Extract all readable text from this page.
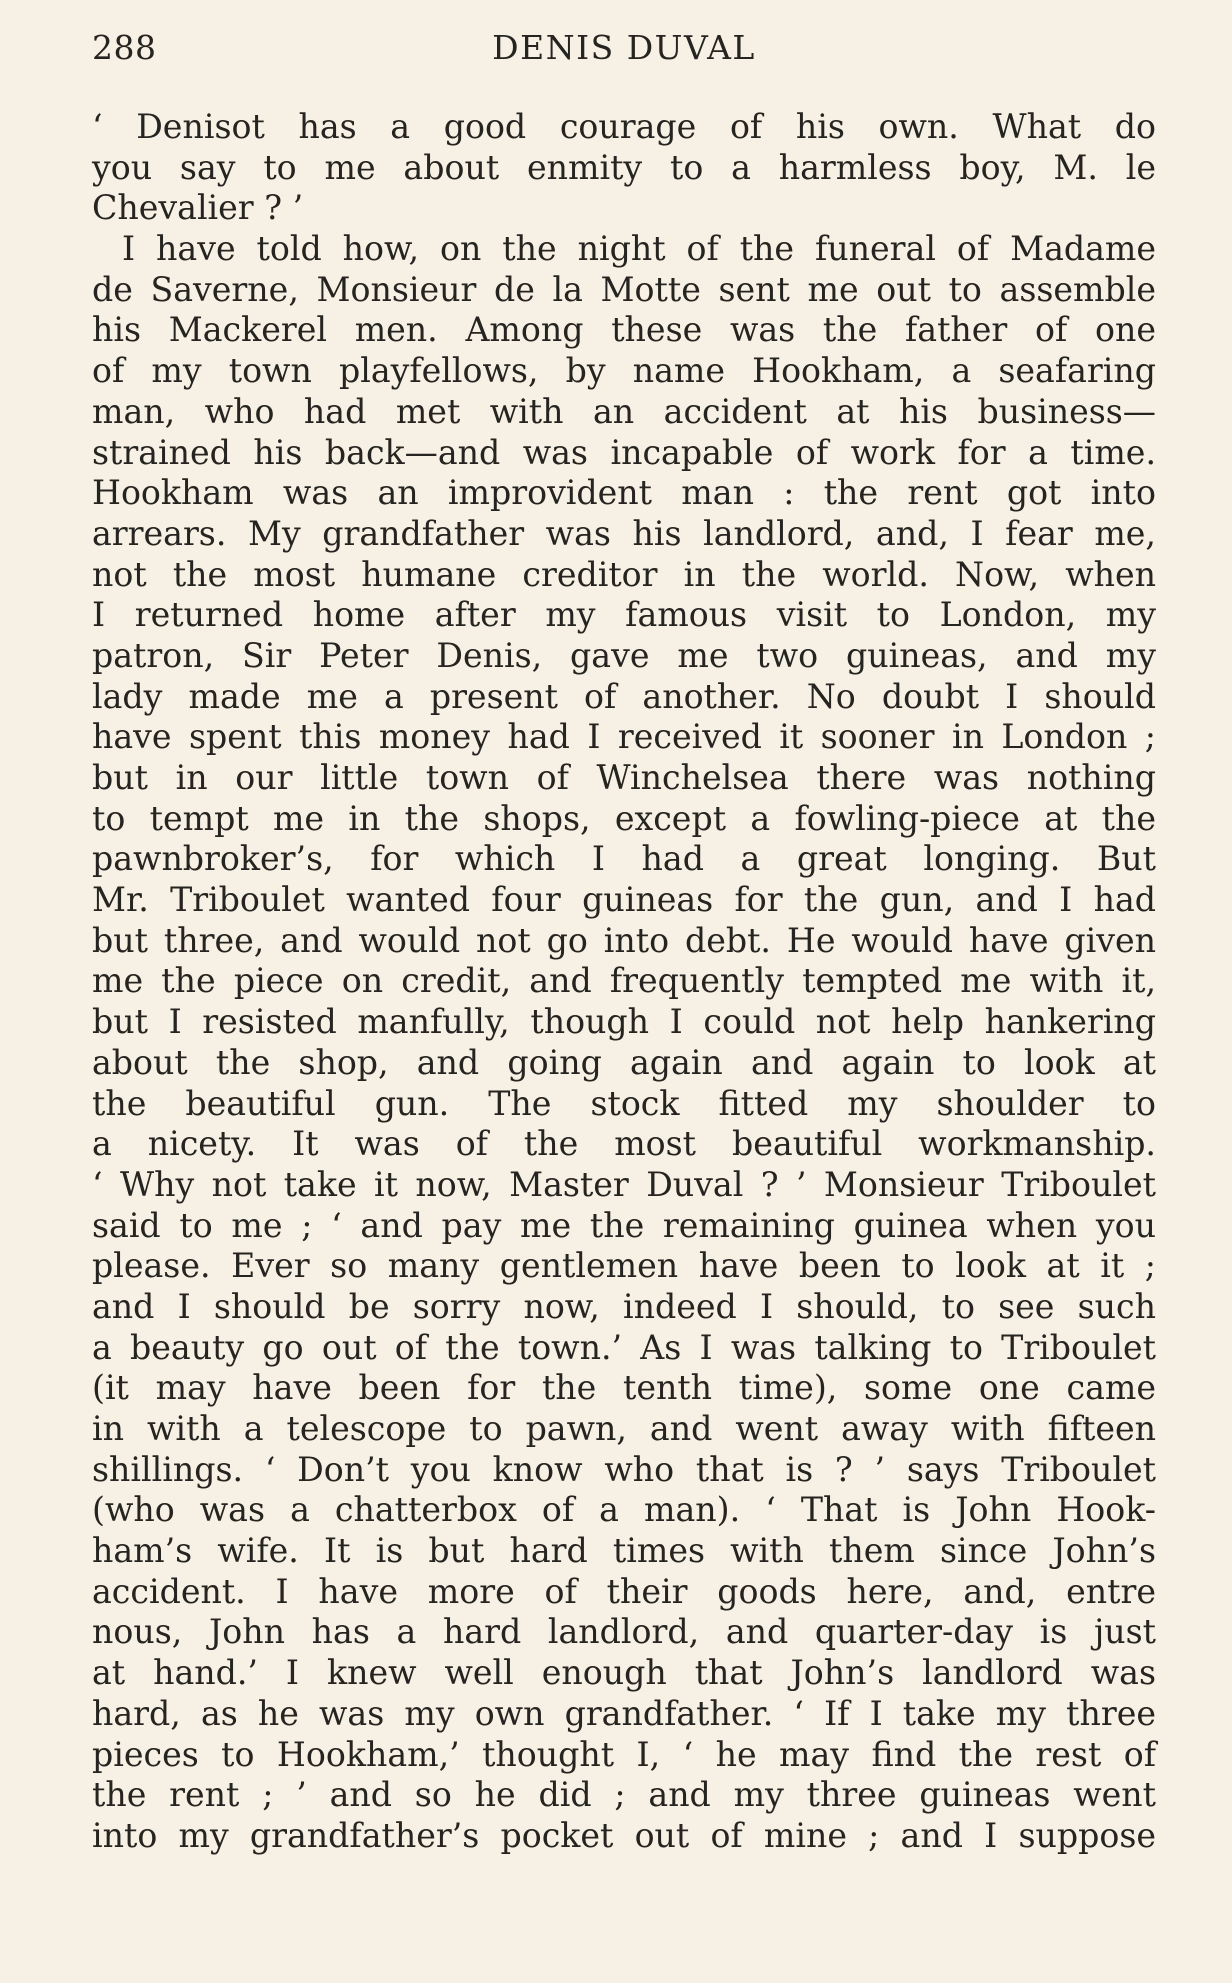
288	DENIS DUVAL
‘ Denisot has a good courage of his own. What do
you say to me about enmity to a harmless boy, M. le
Chevalier ? ’
I have told how, on the night of the funeral of Madame
de Saverne, Monsieur de la Motte sent me out to assemble
his Mackerel men. Among these was the father of one
of my town playfellows, by name Hookham, a seafaring
man, who had met with an accident at his business—
strained his back—and was incapable of work for a time.
Hookham was an improvident man : the rent got into
arrears. My grandfather was his landlord, and, I fear me,
not the most humane creditor in the world. Now, when
I returned home after my famous visit to London, my
patron, Sir Peter Denis, gave me two guineas, and my
lady made me a present of another. No doubt I should
have spent this money had I received it sooner in London ;
but in our little town of Winchelsea there was nothing
to tempt me in the shops, except a fowling-piece at the
pawnbroker’s, for which I had a great longing. But
Mr. Triboulet wanted four guineas for the gun, and I had
but three, and would not go into debt. He would have given
me the piece on credit, and frequently tempted me with it,
but I resisted manfully, though I could not help hankering
about the shop, and going again and again to look at
the beautiful gun. The stock fitted my shoulder to
a nicety. It was of the most beautiful workmanship.
‘ Why not take it now, Master Duval ? ’ Monsieur Triboulet
said to me ; ‘ and pay me the remaining guinea when you
please. Ever so many gentlemen have been to look at it ;
and I should be sorry now, indeed I should, to see such
a beauty go out of the town.’ As I was talking to Triboulet
(it may have been for the tenth time), some one came
in with a telescope to pawn, and went away with fifteen
shillings. ‘ Don’t you know who that is ? ’ says Triboulet
(who was a chatterbox of a man). ‘ That is John Hook-
ham’s wife. It is but hard times with them since John’s
accident. I have more of their goods here, and, entre
nous, John has a hard landlord, and quarter-day is just
at hand.’ I knew well enough that John’s landlord was
hard, as he was my own grandfather. ‘ If I take my three
pieces to Hookham,’ thought I, ‘ he may find the rest of
the rent ; ’ and so he did ; and my three guineas went
into my grandfather’s pocket out of mine ; and I suppose
